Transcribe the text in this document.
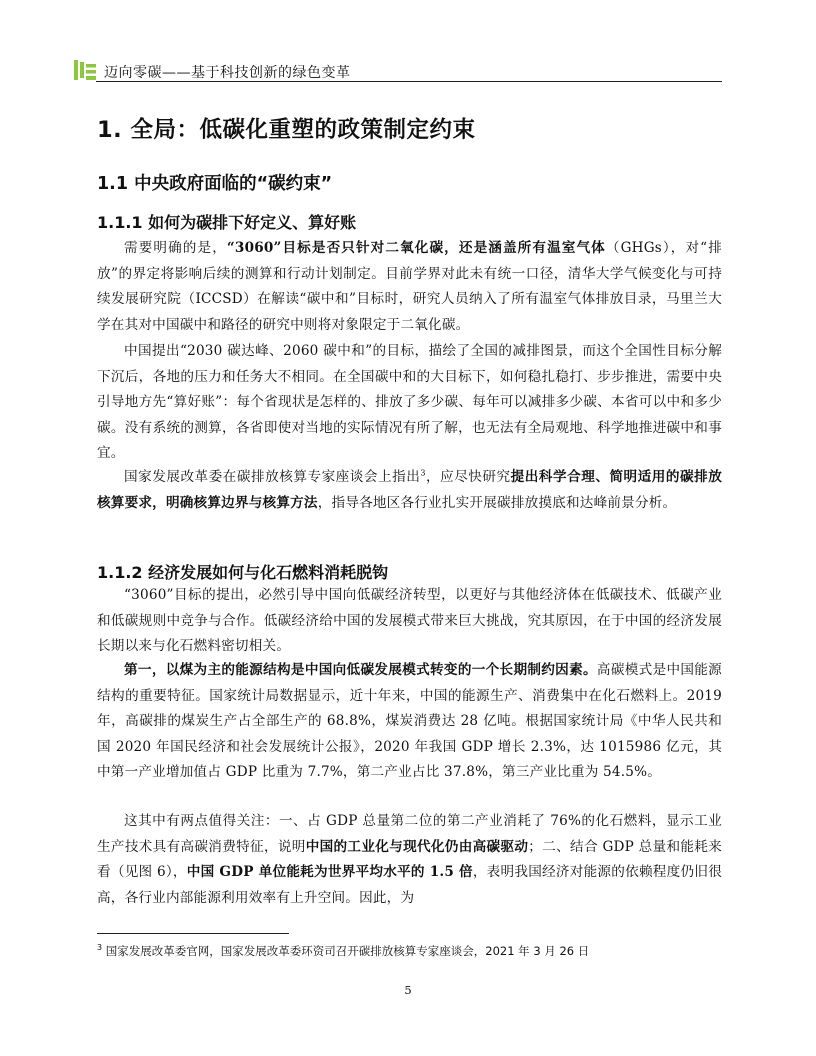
迈向零碳——基于科技创新的绿色变革
1. 全局：低碳化重塑的政策制定约束
1.1 中央政府面临的“碳约束”
1.1.1 如何为碳排下好定义、算好账
需要明确的是，“3060”目标是否只针对二氧化碳，还是涵盖所有温室气体（GHGs），对“排放”的界定将影响后续的测算和行动计划制定。目前学界对此未有统一口径，清华大学气候变化与可持续发展研究院（ICCSD）在解读“碳中和”目标时，研究人员纳入了所有温室气体排放目录，马里兰大学在其对中国碳中和路径的研究中则将对象限定于二氧化碳。
中国提出“2030 碳达峰、2060 碳中和”的目标，描绘了全国的减排图景，而这个全国性目标分解下沉后，各地的压力和任务大不相同。在全国碳中和的大目标下，如何稳扎稳打、步步推进，需要中央引导地方先“算好账”：每个省现状是怎样的、排放了多少碳、每年可以减排多少碳、本省可以中和多少碳。没有系统的测算，各省即使对当地的实际情况有所了解，也无法有全局观地、科学地推进碳中和事宜。
国家发展改革委在碳排放核算专家座谈会上指出$^3$，应尽快研究提出科学合理、简明适用的碳排放核算要求，明确核算边界与核算方法，指导各地区各行业扎实开展碳排放摸底和达峰前景分析。
1.1.2 经济发展如何与化石燃料消耗脱钩
“3060”目标的提出，必然引导中国向低碳经济转型，以更好与其他经济体在低碳技术、低碳产业和低碳规则中竞争与合作。低碳经济给中国的发展模式带来巨大挑战，究其原因，在于中国的经济发展长期以来与化石燃料密切相关。
第一，以煤为主的能源结构是中国向低碳发展模式转变的一个长期制约因素。高碳模式是中国能源结构的重要特征。国家统计局数据显示，近十年来，中国的能源生产、消费集中在化石燃料上。2019 年，高碳排的煤炭生产占全部生产的 68.8%，煤炭消费达 28 亿吨。根据国家统计局《中华人民共和国 2020 年国民经济和社会发展统计公报》，2020 年我国 GDP 增长 2.3%，达 1015986 亿元，其中第一产业增加值占 GDP 比重为 7.7%，第二产业占比 37.8%，第三产业比重为 54.5%。
这其中有两点值得关注：一、占 GDP 总量第二位的第二产业消耗了 76%的化石燃料，显示工业生产技术具有高碳消费特征，说明中国的工业化与现代化仍由高碳驱动；二、结合 GDP 总量和能耗来看（见图 6），中国 GDP 单位能耗为世界平均水平的 1.5 倍，表明我国经济对能源的依赖程度仍旧很高，各行业内部能源利用效率有上升空间。因此，为
$^3$ 国家发展改革委官网，国家发展改革委环资司召开碳排放核算专家座谈会，2021 年 3 月 26 日
5
